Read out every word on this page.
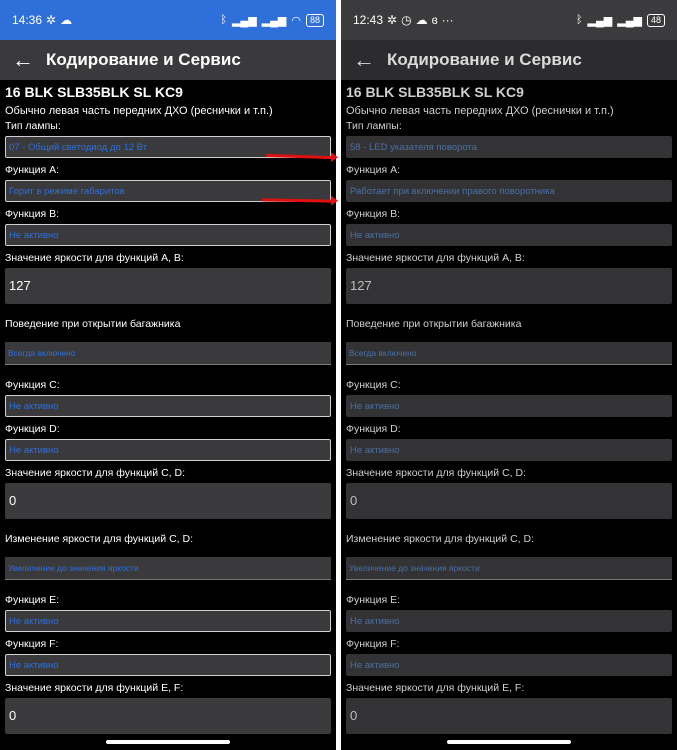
14:36 ✲ ☁	ᛒ ▂▄▆ ▂▄▆ ◠	88
← Кодирование и Сервис
16 BLK SLB35BLK SL KC9
Обычно левая часть передних ДХО (реснички и т.п.)
Тип лампы:
07 - Общий светодиод до 12 Вт
Функция A:
Горит в режиме габаритов
Функция B:
Не активно
Значение яркости для функций A, B:
127
Поведение при открытии багажника
Всегда включено
Функция C:
Не активно
Функция D:
Не активно
Значение яркости для функций C, D:
0
Изменение яркости для функций C, D:
Увеличение до значения яркости
Функция E:
Не активно
Функция F:
Не активно
Значение яркости для функций E, F:
0
12:43 ✲ ◷ ☁ ɞ ···	ᛒ ▂▄▆ ▂▄▆	48
← Кодирование и Сервис
16 BLK SLB35BLK SL KC9
Обычно левая часть передних ДХО (реснички и т.п.)
Тип лампы:
58 - LED указателя поворота
Функция A:
Работает при включении правого поворотника
Функция B:
Не активно
Значение яркости для функций A, B:
127
Поведение при открытии багажника
Всегда включено
Функция C:
Не активно
Функция D:
Не активно
Значение яркости для функций C, D:
0
Изменение яркости для функций C, D:
Увеличение до значения яркости
Функция E:
Не активно
Функция F:
Не активно
Значение яркости для функций E, F:
0
